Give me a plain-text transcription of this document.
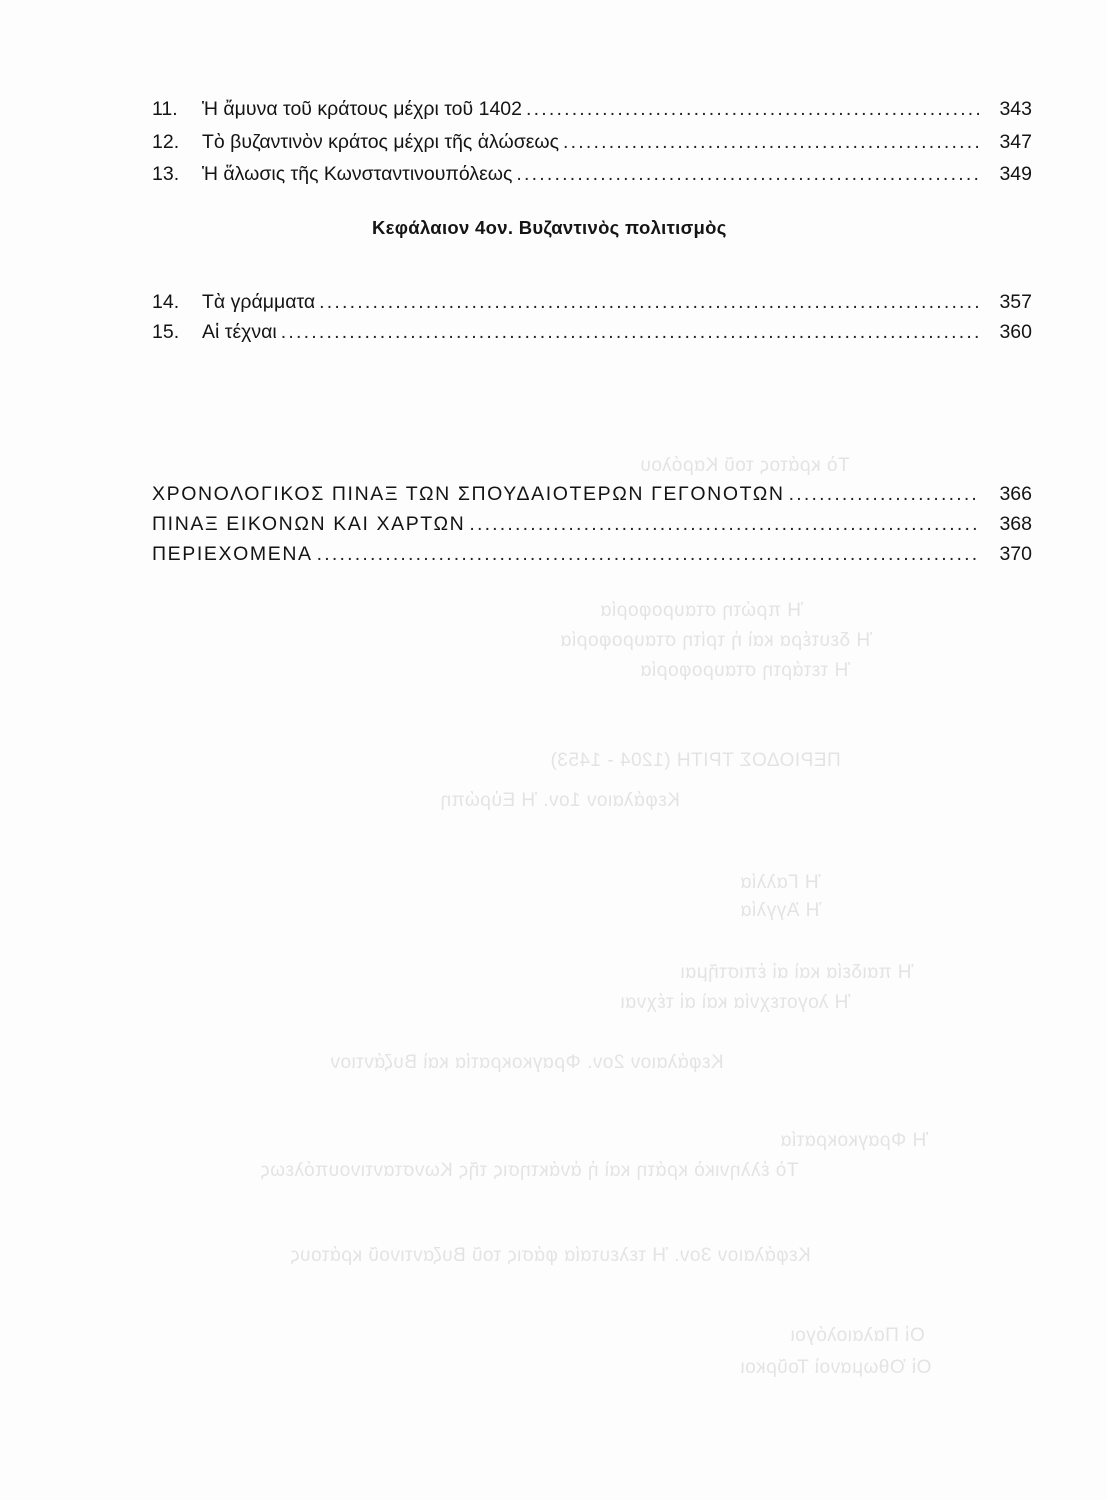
Τὸ κράτος τοῦ Καρόλου
Ἡ πρώτη σταυροφορία
Ἡ δευτέρα καὶ ἡ τρίτη σταυροφορία
Ἡ τετάρτη σταυροφορία
ΠΕΡΙΟΔΟΣ ΤΡΙΤΗ (1204 - 1453)
Κεφάλαιον 1ον. Ἡ Εὐρώπη
Ἡ Γαλλία
Ἡ Ἀγγλία
Ἡ παιδεία καὶ αἱ ἐπιστῆμαι
Ἡ λογοτεχνία καὶ αἱ τέχναι
Κεφάλαιον 2ον. Φραγκοκρατία καὶ Βυζάντιον
Ἡ Φραγκοκρατία
Τὸ ἑλληνικὸ κράτη καὶ ἡ ἀνάκτησις τῆς Κωνσταντινουπόλεως
Κεφάλαιον 3ον. Ἡ τελευταία φάσις τοῦ Βυζαντινοῦ κράτους
Οἱ Παλαιολόγοι
Οἱ Ὀθωμανοὶ Τοῦρκοι
11.	Ἡ ἄμυνα τοῦ κράτους μέχρι τοῦ 1402 .....	343
12.	Τὸ βυζαντινὸν κράτος μέχρι τῆς ἁλώσεως .....	347
13.	Ἡ ἅλωσις τῆς Κωνσταντινουπόλεως .....	349
14.	Τὰ γράμματα .....	357
15.	Αἱ τέχναι .....	360
ΧΡΟΝΟΛΟΓΙΚΟΣ ΠΙΝΑΞ ΤΩΝ ΣΠΟΥΔΑΙΟΤΕΡΩΝ ΓΕΓΟΝΟΤΩΝ .....	366
ΠΙΝΑΞ ΕΙΚΟΝΩΝ ΚΑΙ ΧΑΡΤΩΝ .....	368
ΠΕΡΙΕΧΟΜΕΝΑ .....	370
Κεφάλαιον 4ον. Βυζαντινὸς πολιτισμὸς
